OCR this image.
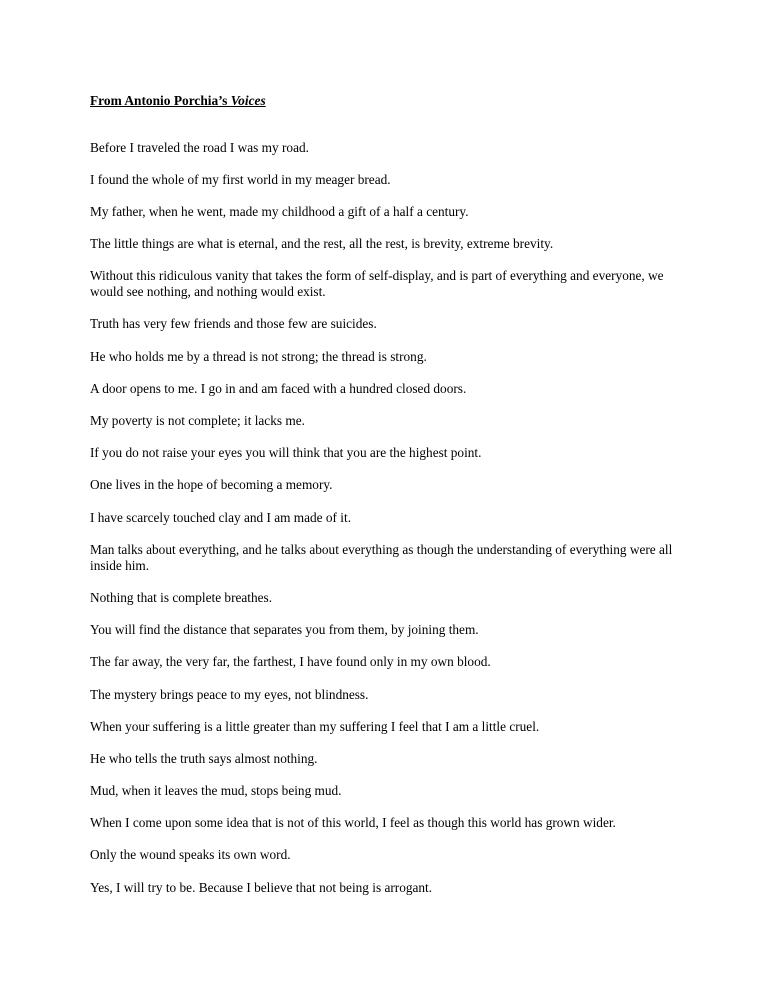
From Antonio Porchia’s Voices
Before I traveled the road I was my road.
I found the whole of my first world in my meager bread.
My father, when he went, made my childhood a gift of a half a century.
The little things are what is eternal, and the rest, all the rest, is brevity, extreme brevity.
Without this ridiculous vanity that takes the form of self-display, and is part of everything and everyone, we would see nothing, and nothing would exist.
Truth has very few friends and those few are suicides.
He who holds me by a thread is not strong; the thread is strong.
A door opens to me. I go in and am faced with a hundred closed doors.
My poverty is not complete; it lacks me.
If you do not raise your eyes you will think that you are the highest point.
One lives in the hope of becoming a memory.
I have scarcely touched clay and I am made of it.
Man talks about everything, and he talks about everything as though the understanding of everything were all inside him.
Nothing that is complete breathes.
You will find the distance that separates you from them, by joining them.
The far away, the very far, the farthest, I have found only in my own blood.
The mystery brings peace to my eyes, not blindness.
When your suffering is a little greater than my suffering I feel that I am a little cruel.
He who tells the truth says almost nothing.
Mud, when it leaves the mud, stops being mud.
When I come upon some idea that is not of this world, I feel as though this world has grown wider.
Only the wound speaks its own word.
Yes, I will try to be. Because I believe that not being is arrogant.
